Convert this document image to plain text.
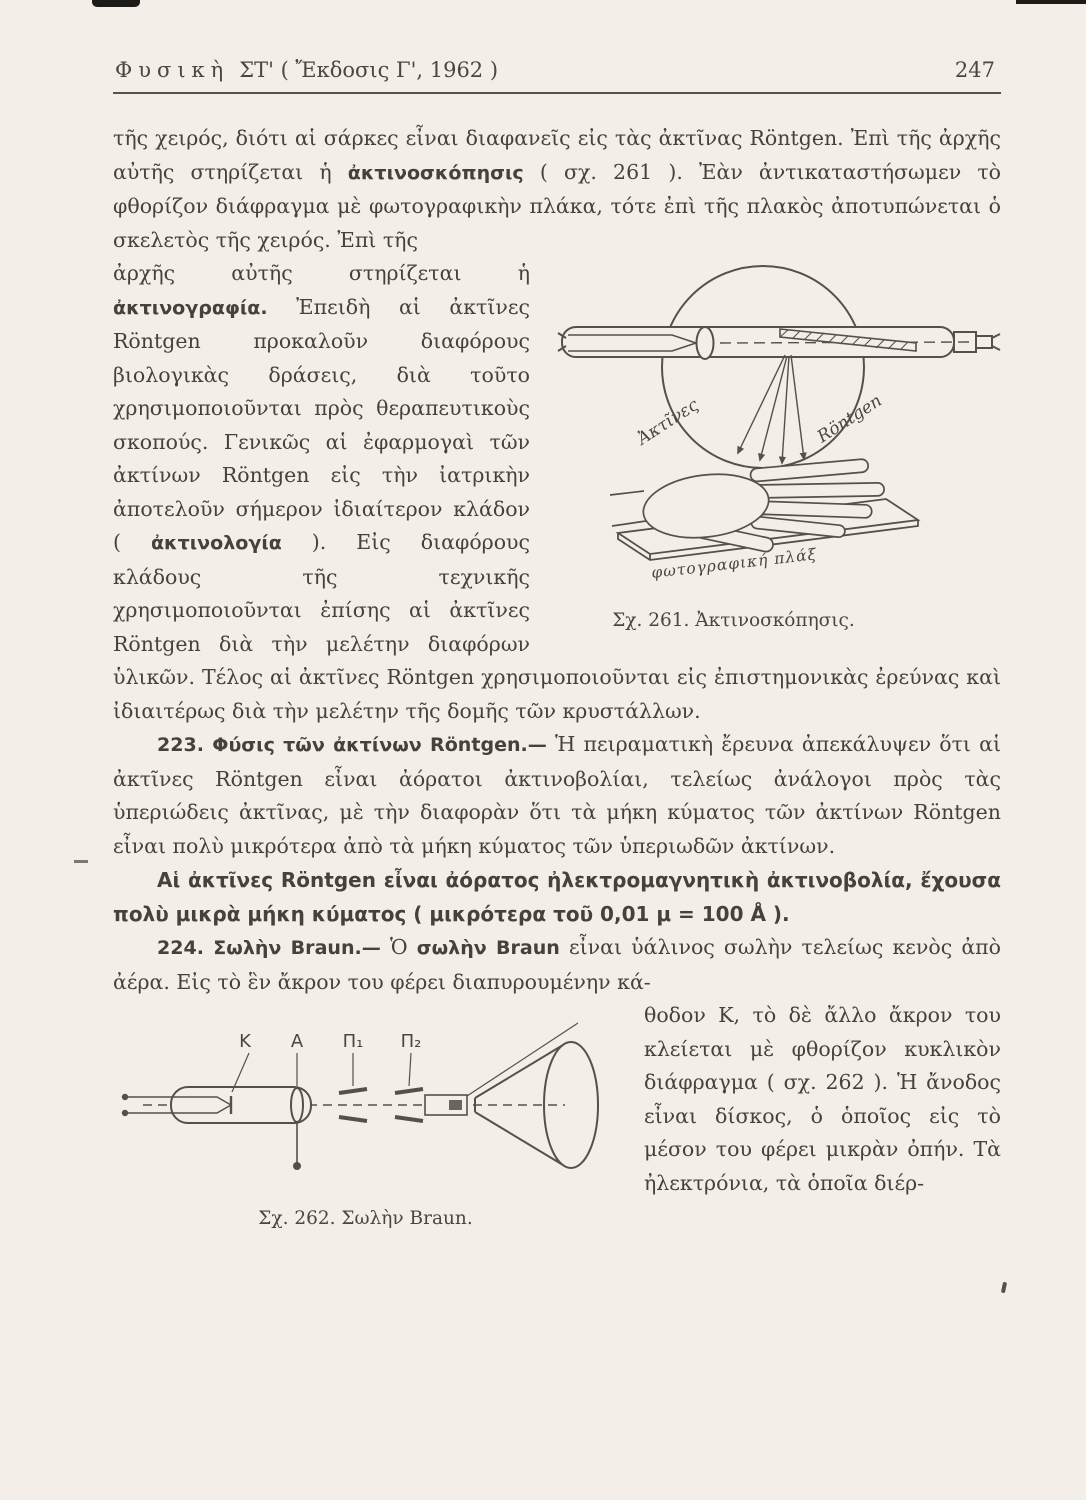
Φυσικὴ ΣΤ' ( Ἔκδοσις Γ', 1962 )	247

τῆς χειρός, διότι αἱ σάρκες εἶναι διαφανεῖς εἰς τὰς ἀκτῖνας Röntgen. Ἐπὶ τῆς ἀρχῆς αὐτῆς στηρίζεται ἡ ἀκτινοσκόπησις ( σχ. 261 ). Ἐὰν ἀντικαταστήσωμεν τὸ φθορίζον διάφραγμα μὲ φωτογραφικὴν πλάκα, τότε ἐπὶ τῆς πλακὸς ἀποτυπώνεται ὁ σκελετὸς τῆς χειρός. Ἐπὶ τῆς

Ἀκτῖνες	Röntgen
φωτογραφική πλάξ
Σχ. 261. Ἀκτινοσκόπησις.

ἀρχῆς αὐτῆς στηρίζεται ἡ ἀκτινογραφία. Ἐπειδὴ αἱ ἀκτῖνες Röntgen προκαλοῦν διαφόρους βιολογικὰς δράσεις, διὰ τοῦτο χρησιμοποιοῦνται πρὸς θεραπευτικοὺς σκοπούς. Γενικῶς αἱ ἐφαρμογαὶ τῶν ἀκτίνων Röntgen εἰς τὴν ἰατρικὴν ἀποτελοῦν σήμερον ἰδιαίτερον κλάδον ( ἀκτινολογία ). Εἰς διαφόρους κλάδους τῆς τεχνικῆς χρησιμοποιοῦνται ἐπίσης αἱ ἀκτῖνες Röntgen διὰ τὴν μελέτην διαφόρων ὑλικῶν. Τέλος αἱ ἀκτῖνες Röntgen χρησιμοποιοῦνται εἰς ἐπιστημονικὰς ἐρεύνας καὶ ἰδιαιτέρως διὰ τὴν μελέτην τῆς δομῆς τῶν κρυστάλλων.

223. Φύσις τῶν ἀκτίνων Röntgen.— Ἡ πειραματικὴ ἔρευνα ἀπεκάλυψεν ὅτι αἱ ἀκτῖνες Röntgen εἶναι ἀόρατοι ἀκτινοβολίαι, τελείως ἀνάλογοι πρὸς τὰς ὑπεριώδεις ἀκτῖνας, μὲ τὴν διαφορὰν ὅτι τὰ μήκη κύματος τῶν ἀκτίνων Röntgen εἶναι πολὺ μικρότερα ἀπὸ τὰ μήκη κύματος τῶν ὑπεριωδῶν ἀκτίνων.

Αἱ ἀκτῖνες Röntgen εἶναι ἀόρατος ἠλεκτρομαγνητικὴ ἀκτινοβολία, ἔχουσα πολὺ μικρὰ μήκη κύματος ( μικρότερα τοῦ 0,01 μ = 100 Å ).

224. Σωλὴν Braun.— Ὁ σωλὴν Braun εἶναι ὑάλινος σωλὴν τελείως κενὸς ἀπὸ ἀέρα. Εἰς τὸ ἓν ἄκρον του φέρει διαπυρουμένην κά-

Κ Α Π₁ Π₂
Σχ. 262. Σωλὴν Braun.

θοδον Κ, τὸ δὲ ἄλλο ἄκρον του κλείεται μὲ φθορίζον κυκλικὸν διάφραγμα ( σχ. 262 ). Ἡ ἄνοδος εἶναι δίσκος, ὁ ὁποῖος εἰς τὸ μέσον του φέρει μικρὰν ὀπήν. Τὰ ἠλεκτρόνια, τὰ ὁποῖα διέρ-
